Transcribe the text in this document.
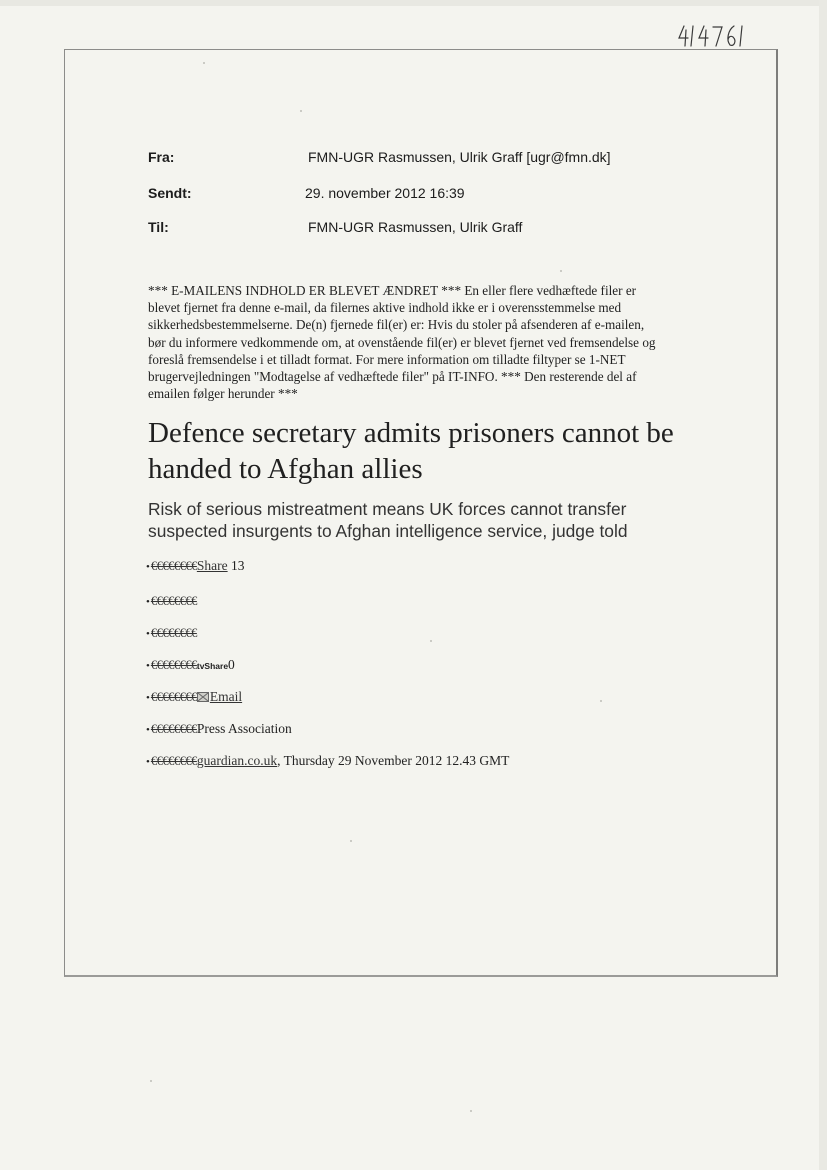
Fra:	FMN-UGR Rasmussen, Ulrik Graff [ugr@fmn.dk]
Sendt:	29. november 2012 16:39
Til:	FMN-UGR Rasmussen, Ulrik Graff
*** E-MAILENS INDHOLD ER BLEVET ÆNDRET *** En eller flere vedhæftede filer er
blevet fjernet fra denne e-mail, da filernes aktive indhold ikke er i overensstemmelse med
sikkerhedsbestemmelserne. De(n) fjernede fil(er) er: Hvis du stoler på afsenderen af e-mailen,
bør du informere vedkommende om, at ovenstående fil(er) er blevet fjernet ved fremsendelse og
foreslå fremsendelse i et tilladt format. For mere information om tilladte filtyper se 1-NET
brugervejledningen "Modtagelse af vedhæftede filer" på IT-INFO. *** Den resterende del af
emailen følger herunder ***
Defence secretary admits prisoners cannot be handed to Afghan allies

Risk of serious mistreatment means UK forces cannot transfer suspected insurgents to Afghan intelligence service, judge told

•€€€€€€€€Share 13
•€€€€€€€€
•€€€€€€€€
•€€€€€€€€tvShare0
•€€€€€€€€ Email
•€€€€€€€€Press Association
•€€€€€€€€guardian.co.uk, Thursday 29 November 2012 12.43 GMT
